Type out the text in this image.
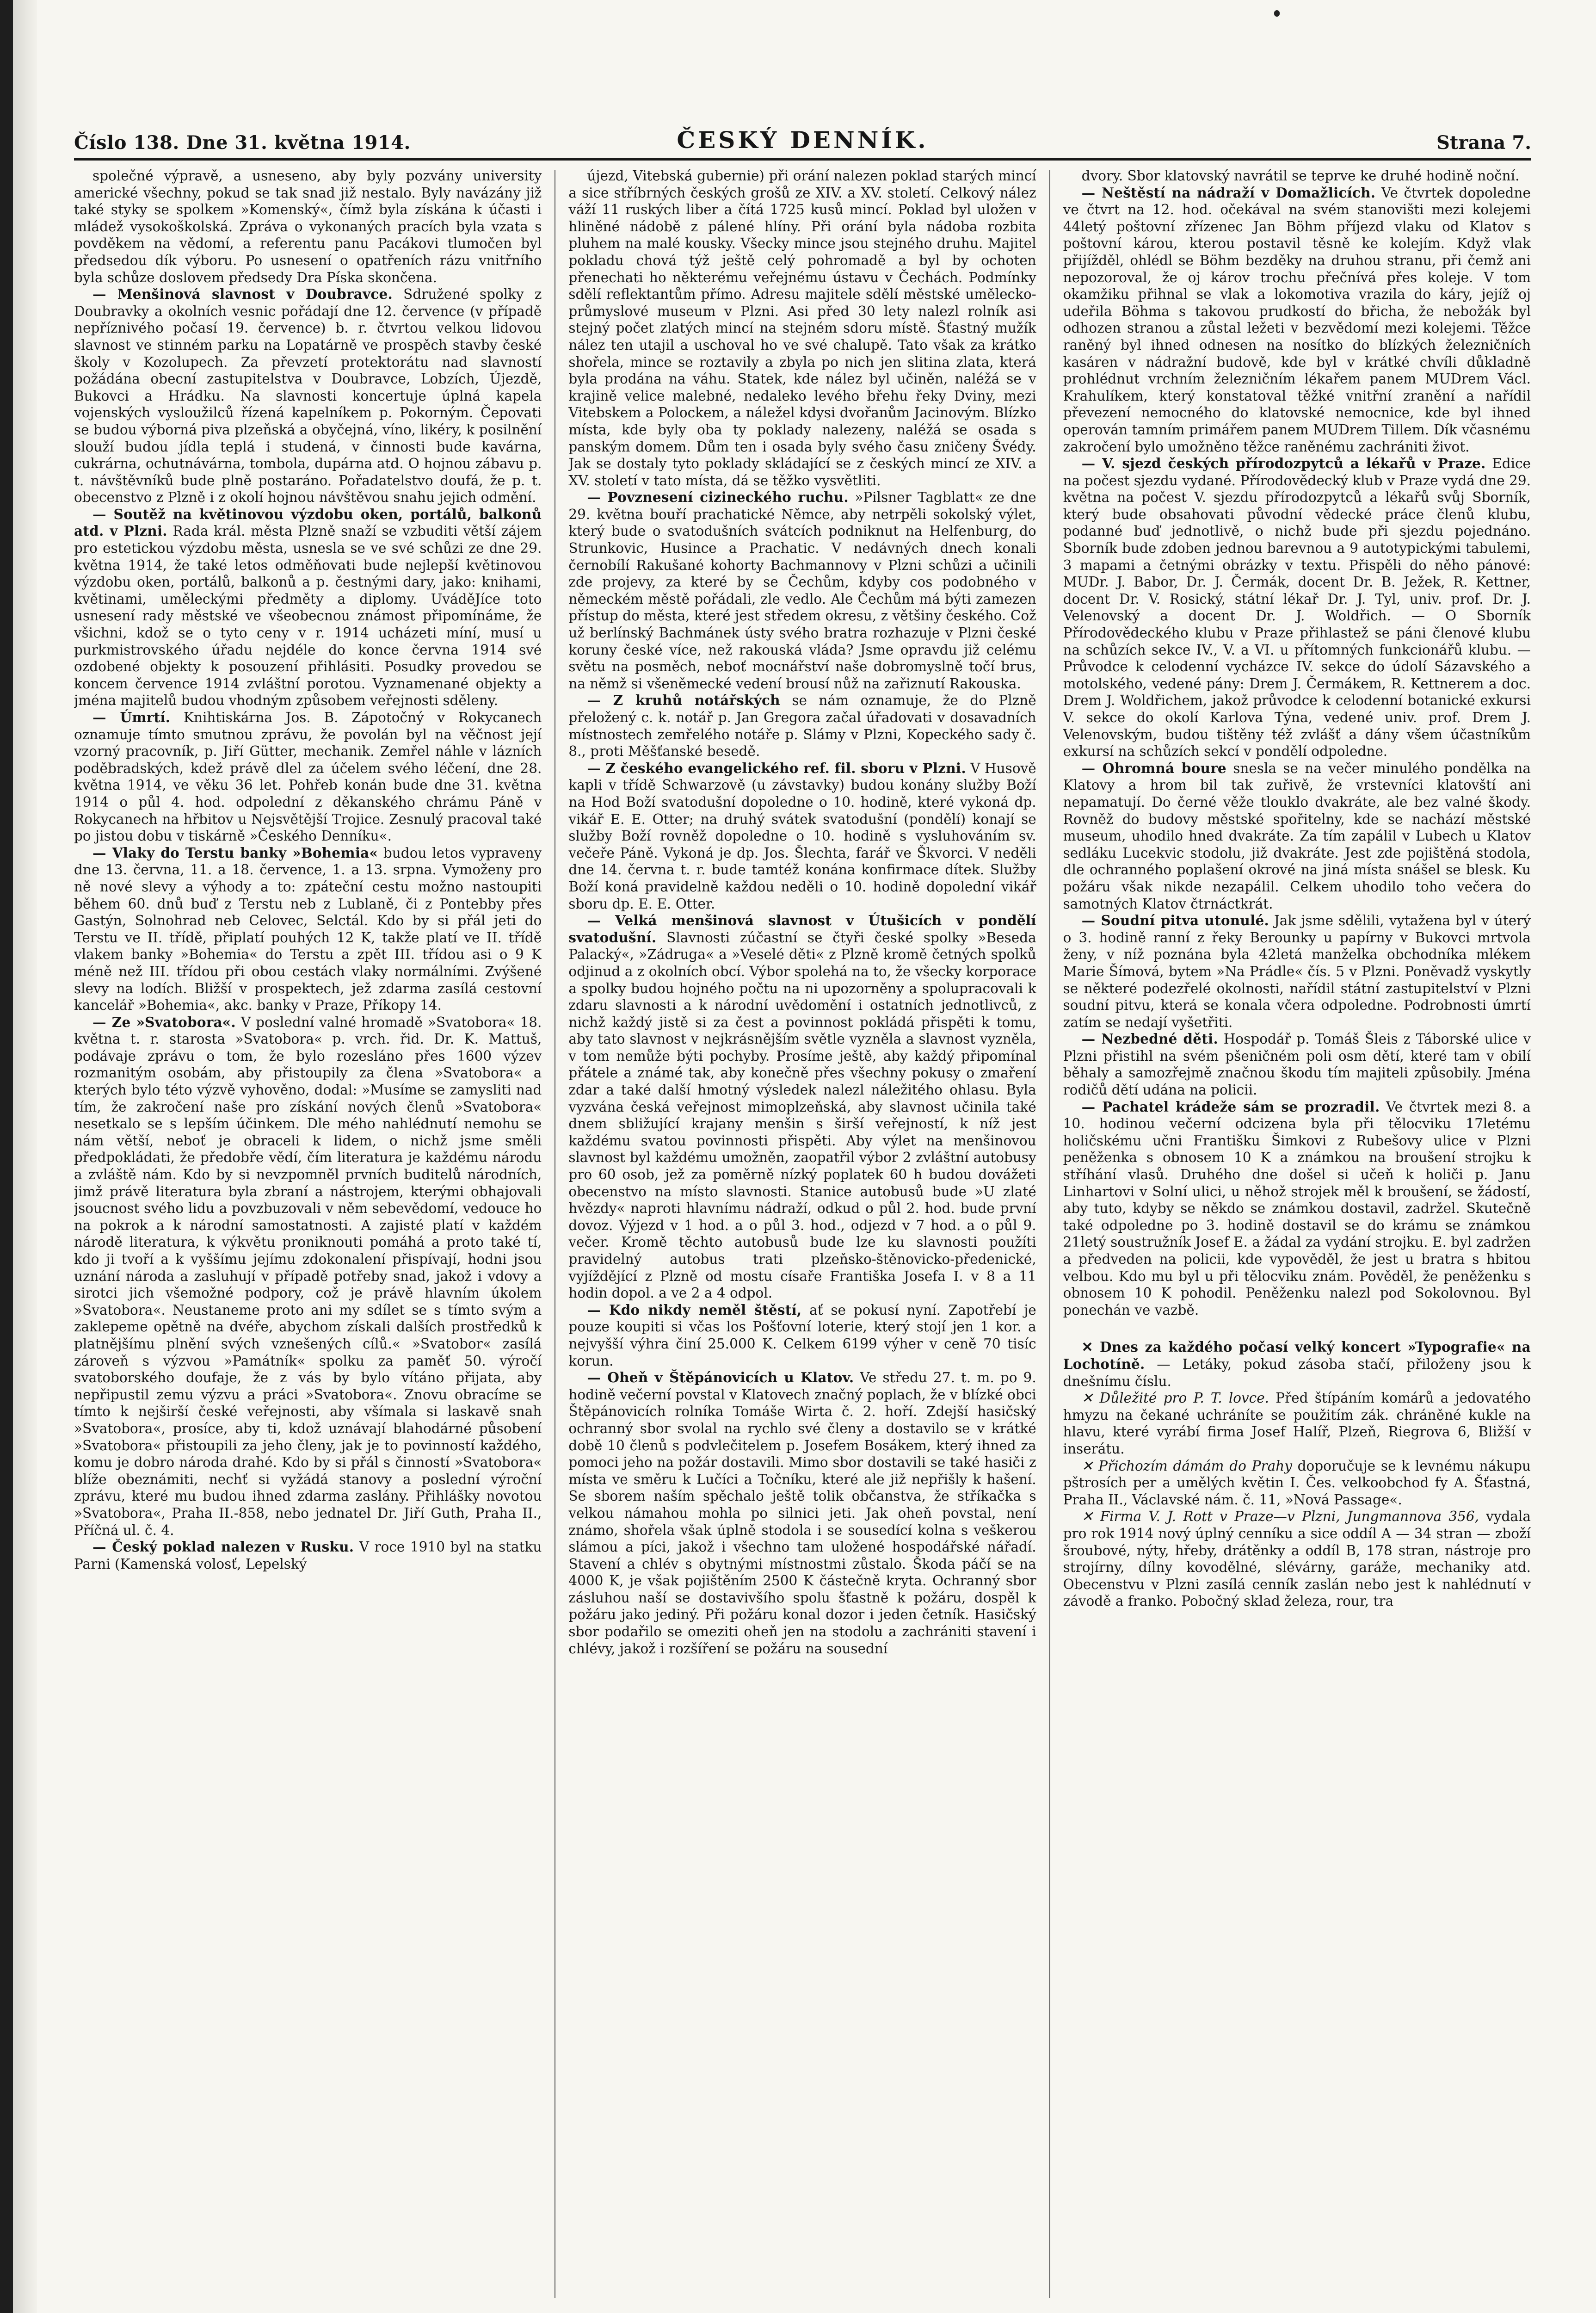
Číslo 138. Dne 31. května 1914.	ČESKÝ DENNÍK.	Strana 7.

společné výpravě, a usneseno, aby byly pozvány university americké všechny, pokud se tak snad již nestalo. Byly navázány již také styky se spolkem »Komenský«, čímž byla získána k účasti i mládež vysokoškolská. Zpráva o vykonaných pracích byla vzata s povděkem na vědomí, a referentu panu Pacákovi tlumočen byl předsedou dík výboru. Po usnesení o opatřeních rázu vnitřního byla schůze doslovem předsedy Dra Píska skončena.

— Menšinová slavnost v Doubravce. Sdružené spolky z Doubravky a okolních vesnic pořádají dne 12. července (v případě nepříznivého počasí 19. července) b. r. čtvrtou velkou lidovou slavnost ve stinném parku na Lopatárně ve prospěch stavby české školy v Kozolupech. Za převzetí protektorátu nad slavností požádána obecní zastupitelstva v Doubravce, Lobzích, Újezdě, Bukovci a Hrádku. Na slavnosti koncertuje úplná kapela vojenských vysloužilců řízená kapelníkem p. Pokorným. Čepovati se budou výborná piva plzeňská a obyčejná, víno, likéry, k posilnění slouží budou jídla teplá i studená, v činnosti bude kavárna, cukrárna, ochutnávárna, tombola, dupárna atd. O hojnou zábavu p. t. návštěvníků bude plně postaráno. Pořadatelstvo doufá, že p. t. obecenstvo z Plzně i z okolí hojnou návštěvou snahu jejich odmění.

— Soutěž na květinovou výzdobu oken, portálů, balkonů atd. v Plzni. Rada král. města Plzně snaží se vzbuditi větší zájem pro estetickou výzdobu města, usnesla se ve své schůzi ze dne 29. května 1914, že také letos odměňovati bude nejlepší květinovou výzdobu oken, portálů, balkonů a p. čestnými dary, jako: knihami, květinami, uměleckými předměty a diplomy. UváděJíce toto usnesení rady městské ve všeobecnou známost připomínáme, že všichni, kdož se o tyto ceny v r. 1914 ucházeti míní, musí u purkmistrovského úřadu nejdéle do konce června 1914 své ozdobené objekty k posouzení přihlásiti. Posudky provedou se koncem července 1914 zvláštní porotou. Vyznamenané objekty a jména majitelů budou vhodným způsobem veřejnosti sděleny.

— Úmrtí. Knihtiskárna Jos. B. Zápotočný v Rokycanech oznamuje tímto smutnou zprávu, že povolán byl na věčnost její vzorný pracovník, p. Jiří Gütter, mechanik. Zemřel náhle v lázních poděbradských, kdež právě dlel za účelem svého léčení, dne 28. května 1914, ve věku 36 let. Pohřeb konán bude dne 31. května 1914 o půl 4. hod. odpolední z děkanského chrámu Páně v Rokycanech na hřbitov u Nejsvětější Trojice. Zesnulý pracoval také po jistou dobu v tiskárně »Českého Denníku«.

— Vlaky do Terstu banky »Bohemia« budou letos vypraveny dne 13. června, 11. a 18. července, 1. a 13. srpna. Vymoženy pro ně nové slevy a výhody a to: zpáteční cestu možno nastoupiti během 60. dnů buď z Terstu neb z Lublaně, či z Pontebby přes Gastýn, Solnohrad neb Celovec, Selctál. Kdo by si přál jeti do Terstu ve II. třídě, připlatí pouhých 12 K, takže platí ve II. třídě vlakem banky »Bohemia« do Terstu a zpět III. třídou asi o 9 K méně než III. třídou při obou cestách vlaky normálními. Zvýšené slevy na lodích. Bližší v prospektech, jež zdarma zasílá cestovní kancelář »Bohemia«, akc. banky v Praze, Příkopy 14.

— Ze »Svatobora«. V poslední valné hromadě »Svatobora« 18. května t. r. starosta »Svatobora« p. vrch. řid. Dr. K. Mattuš, podávaje zprávu o tom, že bylo rozesláno přes 1600 výzev rozmanitým osobám, aby přistoupily za člena »Svatobora« a kterých bylo této výzvě vyhověno, dodal: »Musíme se zamysliti nad tím, že zakročení naše pro získání nových členů »Svatobora« nesetkalo se s lepším účinkem. Dle mého nahlédnutí nemohu se nám větší, neboť je obraceli k lidem, o nichž jsme směli předpokládati, že předobře vědí, čím literatura je každému národu a zvláště nám. Kdo by si nevzpomněl prvních buditelů národních, jimž právě literatura byla zbraní a nástrojem, kterými obhajovali jsoucnost svého lidu a povzbuzovali v něm sebevědomí, vedouce ho na pokrok a k národní samostatnosti. A zajisté platí v každém národě literatura, k výkvětu proniknouti pomáhá a proto také tí, kdo ji tvoří a k vyššímu jejímu zdokonalení přispívají, hodni jsou uznání národa a zasluhují v případě potřeby snad, jakož i vdovy a sirotci jich všemožné podpory, což je právě hlavním úkolem »Svatobora«. Neustaneme proto ani my sdílet se s tímto svým a zaklepeme opětně na dvéře, abychom získali dalších prostředků k platnějšímu plnění svých vznešených cílů.« »Svatobor« zasílá zároveň s výzvou »Památník« spolku za paměť 50. výročí svatoborského doufaje, že z vás by bylo vítáno přijata, aby nepřipustil zemu výzvu a práci »Svatobora«. Znovu obracíme se tímto k nejširší české veřejnosti, aby všímala si laskavě snah »Svatobora«, prosíce, aby ti, kdož uznávají blahodárné působení »Svatobora« přistoupili za jeho členy, jak je to povinností každého, komu je dobro národa drahé. Kdo by si přál s činností »Svatobora« blíže obeznámiti, nechť si vyžádá stanovy a poslední výroční zprávu, které mu budou ihned zdarma zaslány. Přihlášky novotou »Svatobora«, Praha II.-858, nebo jednatel Dr. Jiří Guth, Praha II., Příčná ul. č. 4.

— Český poklad nalezen v Rusku. V roce 1910 byl na statku Parni (Kamenská volosť, Lepelský

újezd, Vitebská gubernie) při orání nalezen poklad starých mincí a sice stříbrných českých grošů ze XIV. a XV. století. Celkový nález váží 11 ruských liber a čítá 1725 kusů mincí. Poklad byl uložen v hliněné nádobě z pálené hlíny. Při orání byla nádoba rozbita pluhem na malé kousky. Všecky mince jsou stejného druhu. Majitel pokladu chová týž ještě celý pohromadě a byl by ochoten přenechati ho některému veřejnému ústavu v Čechách. Podmínky sdělí reflektantům přímo. Adresu majitele sdělí městské umělecko-průmyslové museum v Plzni. Asi před 30 lety nalezl rolník asi stejný počet zlatých mincí na stejném sdoru místě. Šťastný mužík nález ten utajil a uschoval ho ve své chalupě. Tato však za krátko shořela, mince se roztavily a zbyla po nich jen slitina zlata, která byla prodána na váhu. Statek, kde nález byl učiněn, naléžá se v krajině velice malebné, nedaleko levého břehu řeky Dviny, mezi Vitebskem a Polockem, a náležel kdysi dvořanům Jacinovým. Blízko místa, kde byly oba ty poklady nalezeny, naléžá se osada s panským domem. Dům ten i osada byly svého času zničeny Švédy. Jak se dostaly tyto poklady skládající se z českých mincí ze XIV. a XV. století v tato místa, dá se těžko vysvětliti.

— Povznesení cizineckého ruchu. »Pilsner Tagblatt« ze dne 29. května bouří prachatické Němce, aby netrpěli sokolský výlet, který bude o svatodušních svátcích podniknut na Helfenburg, do Strunkovic, Husince a Prachatic. V nedávných dnech konali černobílí Rakušané kohorty Bachmannovy v Plzni schůzi a učinili zde projevy, za které by se Čechům, kdyby cos podobného v německém městě pořádali, zle vedlo. Ale Čechům má býti zamezen přístup do města, které jest středem okresu, z většiny českého. Což už berlínský Bachmánek ústy svého bratra rozhazuje v Plzni české koruny české více, než rakouská vláda? Jsme opravdu již celému světu na posměch, neboť mocnářství naše dobromyslně točí brus, na němž si všeněmecké vedení brousí nůž na zařiznutí Rakouska.

— Z kruhů notářských se nám oznamuje, že do Plzně přeložený c. k. notář p. Jan Gregora začal úřadovati v dosavadních místnostech zemřelého notáře p. Slámy v Plzni, Kopeckého sady č. 8., proti Měšťanské besedě.

— Z českého evangelického ref. fil. sboru v Plzni. V Husově kapli v třídě Schwarzově (u závstavky) budou konány služby Boží na Hod Boží svatodušní dopoledne o 10. hodině, které vykoná dp. vikář E. E. Otter; na druhý svátek svatodušní (pondělí) konají se služby Boží rovněž dopoledne o 10. hodině s vysluhováním sv. večeře Páně. Vykoná je dp. Jos. Šlechta, farář ve Škvorci. V neděli dne 14. června t. r. bude tamtéž konána konfirmace dítek. Služby Boží koná pravidelně každou neděli o 10. hodině dopolední vikář sboru dp. E. E. Otter.

— Velká menšinová slavnost v Útušicích v pondělí svatodušní. Slavnosti zúčastní se čtyři české spolky »Beseda Palacký«, »Zádruga« a »Veselé děti« z Plzně kromě četných spolků odjinud a z okolních obcí. Výbor spolehá na to, že všecky korporace a spolky budou hojného počtu na ni upozorněny a spolupracovali k zdaru slavnosti a k národní uvědomění i ostatních jednotlivců, z nichž každý jistě si za čest a povinnost pokládá přispěti k tomu, aby tato slavnost v nejkrásnějším světle vyzněla a slavnost vyzněla, v tom nemůže býti pochyby. Prosíme ještě, aby každý připomínal přátele a známé tak, aby konečně přes všechny pokusy o zmaření zdar a také další hmotný výsledek nalezl náležitého ohlasu. Byla vyzvána česká veřejnost mimoplzeňská, aby slavnost učinila také dnem sbližující krajany menšin s širší veřejností, k níž jest každému svatou povinnosti přispěti. Aby výlet na menšinovou slavnost byl každému umožněn, zaopatřil výbor 2 zvláštní autobusy pro 60 osob, jež za poměrně nízký poplatek 60 h budou dovážeti obecenstvo na místo slavnosti. Stanice autobusů bude »U zlaté hvězdy« naproti hlavnímu nádraží, odkud o půl 2. hod. bude první dovoz. Výjezd v 1 hod. a o půl 3. hod., odjezd v 7 hod. a o půl 9. večer. Kromě těchto autobusů bude lze ku slavnosti použíti pravidelný autobus trati plzeňsko-štěnovicko-předenické, vyjíždějící z Plzně od mostu císaře Františka Josefa I. v 8 a 11 hodin dopol. a ve 2 a 4 odpol.

— Kdo nikdy neměl štěstí, ať se pokusí nyní. Zapotřebí je pouze koupiti si včas los Pošťovní loterie, který stojí jen 1 kor. a nejvyšší výhra činí 25.000 K. Celkem 6199 výher v ceně 70 tisíc korun.

— Oheň v Štěpánovicích u Klatov. Ve středu 27. t. m. po 9. hodině večerní povstal v Klatovech značný poplach, že v blízké obci Štěpánovicích rolníka Tomáše Wirta č. 2. hoří. Zdejší hasičský ochranný sbor svolal na rychlo své členy a dostavilo se v krátké době 10 členů s podvlečitelem p. Josefem Bosákem, který ihned za pomoci jeho na požár dostavili. Mimo sbor dostavili se také hasiči z místa ve směru k Lučíci a Točníku, které ale již nepřišly k hašení. Se sborem naším spěchalo ještě tolik občanstva, že stříkačka s velkou námahou mohla po silnici jeti. Jak oheň povstal, není známo, shořela však úplně stodola i se sousedící kolna s veškerou slámou a píci, jakož i všechno tam uložené hospodářské nářadí. Stavení a chlév s obytnými místnostmi zůstalo. Škoda páčí se na 4000 K, je však pojištěním 2500 K částečně kryta. Ochranný sbor zásluhou naší se dostavivšího spolu šťastně k požáru, dospěl k požáru jako jediný. Při požáru konal dozor i jeden četník. Hasičský sbor podařilo se omeziti oheň jen na stodolu a zachrániti stavení i chlévy, jakož i rozšíření se požáru na sousední

dvory. Sbor klatovský navrátil se teprve ke druhé hodině noční.

— Neštěstí na nádraží v Domažlicích. Ve čtvrtek dopoledne ve čtvrt na 12. hod. očekával na svém stanovišti mezi kolejemi 44letý poštovní zřízenec Jan Böhm příjezd vlaku od Klatov s poštovní károu, kterou postavil těsně ke kolejím. Když vlak přijížděl, ohlédl se Böhm bezděky na druhou stranu, při čemž ani nepozoroval, že oj károv trochu přečnívá přes koleje. V tom okamžiku přihnal se vlak a lokomotiva vrazila do káry, jejíž oj udeřila Böhma s takovou prudkostí do břicha, že nebožák byl odhozen stranou a zůstal ležeti v bezvědomí mezi kolejemi. Těžce raněný byl ihned odnesen na nosítko do blízkých železničních kasáren v nádražní budově, kde byl v krátké chvíli důkladně prohlédnut vrchním železničním lékařem panem MUDrem Václ. Krahulíkem, který konstatoval těžké vnitřní zranění a nařídil převezení nemocného do klatovské nemocnice, kde byl ihned operován tamním primářem panem MUDrem Tillem. Dík včasnému zakročení bylo umožněno těžce raněnému zachrániti život.

— V. sjezd českých přírodozpytců a lékařů v Praze. Edice na počest sjezdu vydané. Přírodovědecký klub v Praze vydá dne 29. května na počest V. sjezdu přírodozpytců a lékařů svůj Sborník, který bude obsahovati původní vědecké práce členů klubu, podanné buď jednotlivě, o nichž bude při sjezdu pojednáno. Sborník bude zdoben jednou barevnou a 9 autotypickými tabulemi, 3 mapami a četnými obrázky v textu. Přispěli do něho pánové: MUDr. J. Babor, Dr. J. Čermák, docent Dr. B. Ježek, R. Kettner, docent Dr. V. Rosický, státní lékař Dr. J. Tyl, univ. prof. Dr. J. Velenovský a docent Dr. J. Woldřich. — O Sborník Přírodovědeckého klubu v Praze přihlastež se páni členové klubu na schůzích sekce IV., V. a VI. u přítomných funkcionářů klubu. — Průvodce k celodenní vycházce IV. sekce do údolí Sázavského a motolského, vedené pány: Drem J. Čermákem, R. Kettnerem a doc. Drem J. Woldřichem, jakož průvodce k celodenní botanické exkursi V. sekce do okolí Karlova Týna, vedené univ. prof. Drem J. Velenovským, budou tištěny též zvlášť a dány všem účastníkům exkursí na schůzích sekcí v pondělí odpoledne.

— Ohromná boure snesla se na večer minulého pondělka na Klatovy a hrom bil tak zuřivě, že vrstevníci klatovští ani nepamatují. Do černé věže tlouklo dvakráte, ale bez valné škody. Rovněž do budovy městské spořitelny, kde se nachází městské museum, uhodilo hned dvakráte. Za tím zapálil v Lubech u Klatov sedláku Lucekvic stodolu, již dvakráte. Jest zde pojištěná stodola, dle ochranného poplašení okrové na jiná místa snášel se blesk. Ku požáru však nikde nezapálil. Celkem uhodilo toho večera do samotných Klatov čtrnáctkrát.

— Soudní pitva utonulé. Jak jsme sdělili, vytažena byl v úterý o 3. hodině ranní z řeky Berounky u papírny v Bukovci mrtvola ženy, v níž poznána byla 42letá manželka obchodníka mlékem Marie Šímová, bytem »Na Prádle« čís. 5 v Plzni. Poněvadž vyskytly se některé podezřelé okolnosti, nařídil státní zastupitelství v Plzni soudní pitvu, která se konala včera odpoledne. Podrobnosti úmrtí zatím se nedají vyšetřiti.

— Nezbedné děti. Hospodář p. Tomáš Šleis z Táborské ulice v Plzni přistihl na svém pšeničném poli osm dětí, které tam v obilí běhaly a samozřejmě značnou škodu tím majiteli způsobily. Jména rodičů dětí udána na policii.

— Pachatel krádeže sám se prozradil. Ve čtvrtek mezi 8. a 10. hodinou večerní odcizena byla při tělocviku 17letému holičskému učni Františku Šimkovi z Rubešovy ulice v Plzni peněženka s obnosem 10 K a známkou na broušení strojku k stříhání vlasů. Druhého dne došel si učeň k holiči p. Janu Linhartovi v Solní ulici, u něhož strojek měl k broušení, se žádostí, aby tuto, kdyby se někdo se známkou dostavil, zadržel. Skutečně také odpoledne po 3. hodině dostavil se do krámu se známkou 21letý soustružník Josef E. a žádal za vydání strojku. E. byl zadržen a předveden na policii, kde vypověděl, že jest u bratra s hbitou velbou. Kdo mu byl u při tělocviku znám. Pověděl, že peněženku s obnosem 10 K pohodil. Peněženku nalezl pod Sokolovnou. Byl ponechán ve vazbě.

✕ Dnes za každého počasí velký koncert »Typografie« na Lochotíně. — Letáky, pokud zásoba stačí, přiloženy jsou k dnešnímu číslu.

✕ Důležité pro P. T. lovce. Před štípáním komárů a jedovatého hmyzu na čekané uchráníte se použitím zák. chráněné kukle na hlavu, které vyrábí firma Josef Halíř, Plzeň, Riegrova 6, Bližší v inserátu.

✕ Přichozím dámám do Prahy doporučuje se k levnému nákupu pštrosích per a umělých květin I. Čes. velkoobchod fy A. Šťastná, Praha II., Václavské nám. č. 11, »Nová Passage«.

✕ Firma V. J. Rott v Praze—v Plzni, Jungmannova 356, vydala pro rok 1914 nový úplný cenníku a sice oddíl A — 34 stran — zboží šroubové, nýty, hřeby, drátěnky a oddíl B, 178 stran, nástroje pro strojírny, dílny kovodělné, slévárny, garáže, mechaniky atd. Obecenstvu v Plzni zasílá cenník zaslán nebo jest k nahlédnutí v závodě a franko. Pobočný sklad železa, rour, tra
